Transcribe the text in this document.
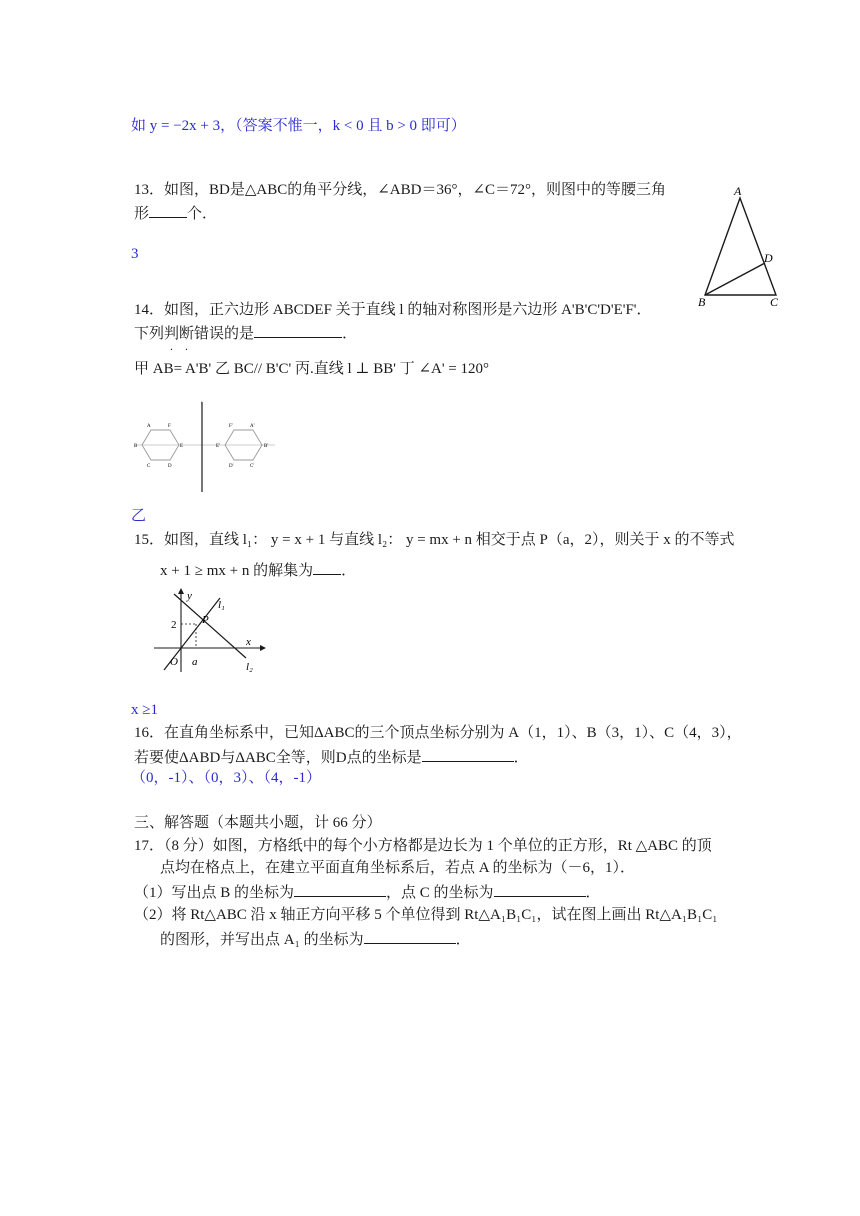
如 y = −2x + 3，（答案不惟一，k < 0 且 b > 0 即可）
13．如图，BD是△ABC的角平分线，∠ABD＝36°，∠C＝72°，则图中的等腰三角
形	个．
3
A
B	C
D
14．如图，正六边形 ABCDEF 关于直线 l 的轴对称图形是六边形 A'B'C'D'E'F'．
下列判断错误的是	．
甲 AB= A'B' 乙 BC// B'C' 丙.直线 l ⊥ BB' 丁 ∠A' = 120°
l
A	F
E
D
C
B
F'	A'
B'
C'
D'
E'
乙
15．如图，直线 l₁： y = x + 1 与直线 l₂： y = mx + n 相交于点 P（a，2），则关于 x 的不等式
x + 1 ≥ mx + n 的解集为 ．
y
x
O a
P
2
l₁
l₂
x ≥1
16．在直角坐标系中，已知ΔABC的三个顶点坐标分别为 A（1，1）、B（3，1）、C（4，3），
若要使ΔABD与ΔABC全等，则D点的坐标是	．
（0，-1）、（0，3）、（4，-1）
三、解答题（本题共小题，计 66 分）
17．（8 分）如图，方格纸中的每个小方格都是边长为 1 个单位的正方形，Rt △ABC 的顶
点均在格点上，在建立平面直角坐标系后，若点 A 的坐标为（－6，1）．
（1）写出点 B 的坐标为	，点 C 的坐标为	．
（2）将 Rt△ABC 沿 x 轴正方向平移 5 个单位得到 Rt△A₁B₁C₁，试在图上画出 Rt△A₁B₁C₁
的图形，并写出点 A₁ 的坐标为	．
